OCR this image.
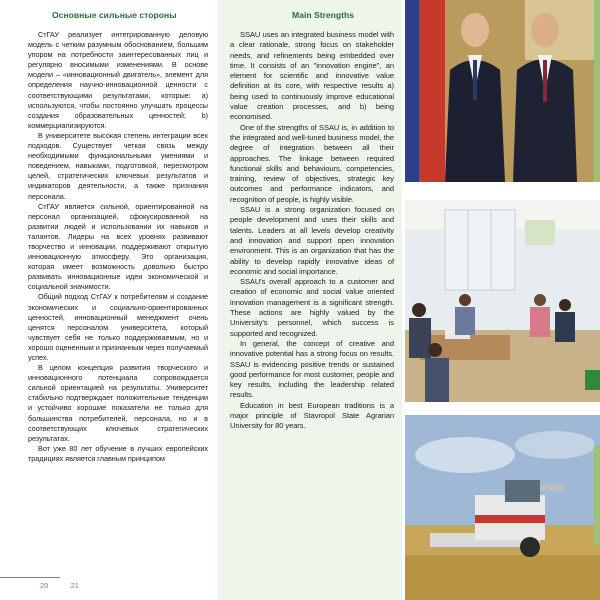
Основные сильные стороны

СтГАУ реализует интегрированную деловую модель с четким разумным обоснованием, большим упором на потребности заинтересованных лиц и регулярно вносимыми изменениями. В основе модели – «инновационный двигатель», элемент для определения научно-инновационной ценности с соответствующими результатами, которые: а) используются, чтобы постоянно улучшать процессы создания образовательных ценностей; b) коммерциализируются.

В университете высокая степень интеграции всех подходов. Существует четкая связь между необходимыми функциональными умениями и поведением, навыками, подготовкой, пересмотром целей, стратегических ключевых результатов и индикаторов деятельности, а также признания персонала.

СтГАУ является сильной, ориентированной на персонал организацией, сфокусированной на развитии людей и использовании их навыков и талантов. Лидеры на всех уровнях развивают творчество и инновации, поддерживают открытую инновационную атмосферу. Это организация, которая имеет возможность довольно быстро развивать инновационные идеи экономической и социальной значимости.

Общий подход СтГАУ к потребителям и создание экономических и социально-ориентированных ценностей, инновационный менеджмент очень ценятся персоналом университета, который чувствует себя не только поддерживаемым, но и хорошо оцененным и признанным через получаемый успех.

В целом концепция развития творческого и инновационного потенциала сопровождается сильной ориентацией на результаты. Университет стабильно подтверждает положительные тенденции и устойчиво хорошие показатели не только для большинства потребителей, персонала, но и в соответствующих ключевых стратегических результатах.

Вот уже 80 лет обучение в лучших европейских традициях является главным принципом

Main Strengths

SSAU uses an integrated business model with a clear rationale, strong focus on stakeholder needs, and refinements being embedded over time. It consists of an "innovation engine", an element for scientific and innovative value definition at its core, with respective results a) being used to continuously improve educational value creation processes, and b) being economised.

One of the strengths of SSAU is, in addition to the integrated and well-tuned business model, the degree of integration between all their approaches. The linkage between required functional skills and behaviours, competencies, training, review of objectives, strategic key outcomes and performance indicators, and recognition of people, is highly visible.

SSAU is a strong organization focused on people development and uses their skills and talents. Leaders at all levels develop creativity and innovation and support open innovation environment. This is an organization that has the ability to develop rapidly innovative ideas of economic and social importance.

SSAU's overall approach to a customer and creation of economic and social value oriented innovation management is a significant strength. These actions are highly valued by the University's personnel, which success is supported and recognized.

In general, the concept of creative and innovative potential has a strong focus on results. SSAU is evidencing positive trends or sustained good performance for most customer, people and key results, including the leadership related results.

Education in best European traditions is a major principle of Stavropol State Agrarian University for 80 years.

20	21
